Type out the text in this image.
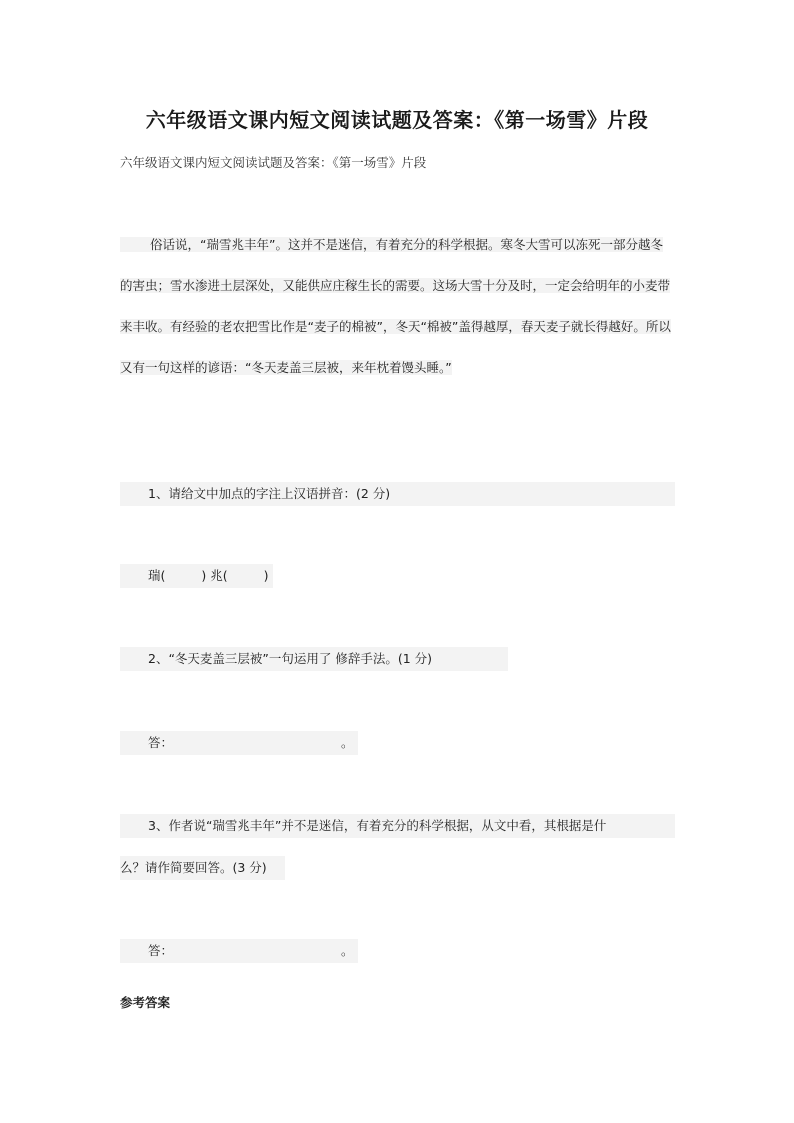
六年级语文课内短文阅读试题及答案：《第一场雪》片段
六年级语文课内短文阅读试题及答案：《第一场雪》片段

俗话说，“瑞雪兆丰年”。这并不是迷信，有着充分的科学根据。寒冬大雪可以冻死一部分越冬的害虫；雪水渗进土层深处，又能供应庄稼生长的需要。这场大雪十分及时，一定会给明年的小麦带来丰收。有经验的老农把雪比作是“麦子的棉被”，冬天“棉被”盖得越厚，春天麦子就长得越好。所以又有一句这样的谚语：“冬天麦盖三层被，来年枕着馒头睡。”

1、请给文中加点的字注上汉语拼音：(2 分)
瑞(	) 兆(	)
2、“冬天麦盖三层被”一句运用了 修辞手法。(1 分)
答：	。
3、作者说“瑞雪兆丰年”并不是迷信，有着充分的科学根据，从文中看，其根据是什
么？请作简要回答。(3 分)
答：	。
参考答案
